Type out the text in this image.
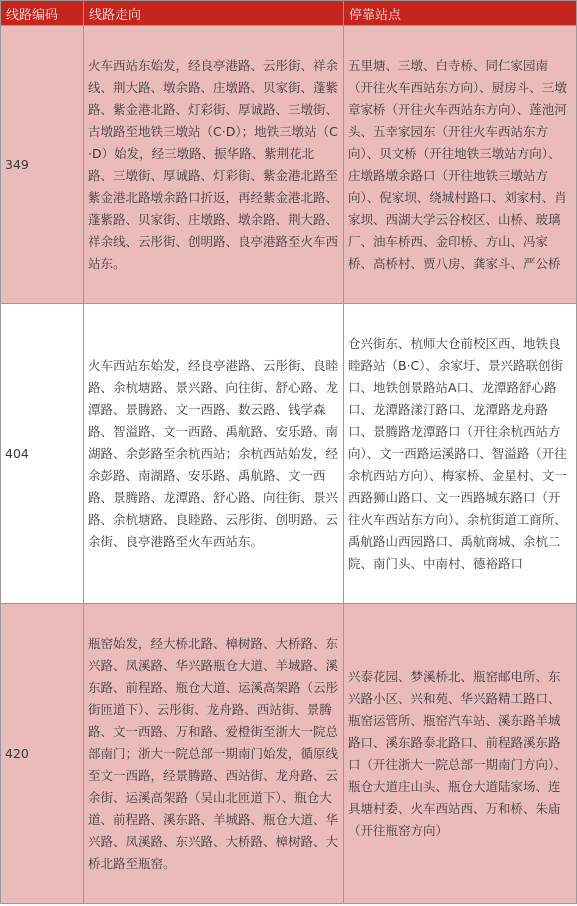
线路编码	线路走向	停靠站点
349	火车西站东始发，经良亭港路、云彤街、祥余线、荆大路、墩余路、庄墩路、贝家街、蓬紫路、紫金港北路、灯彩街、厚诚路、三墩街、古墩路至地铁三墩站（C·D）；地铁三墩站（C·D）始发，经三墩路、振华路、紫荆花北路、三墩街、厚诚路、灯彩街、紫金港北路至紫金港北路墩余路口折返，再经紫金港北路、蓬紫路、贝家街、庄墩路、墩余路、荆大路、祥余线、云彤街、创明路、良亭港路至火车西站东。	五里塘、三墩、白寺桥、同仁家园南（开往火车西站东方向）、厨房斗、三墩章家桥（开往火车西站东方向）、莲池河头、五幸家园东（开往火车西站东方向）、贝文桥（开往地铁三墩站方向）、庄墩路墩余路口（开往地铁三墩站方向）、倪家坝、绕城村路口、刘家村、肖家坝、西湖大学云谷校区、山桥、玻璃厂、油车桥西、金印桥、方山、冯家桥、高桥村、贾八房、龚家斗、严公桥
404	火车西站东始发，经良亭港路、云彤街、良睦路、余杭塘路、景兴路、向往街、舒心路、龙潭路、景腾路、文一西路、数云路、钱学森路、智溢路、文一西路、禹航路、安乐路、南湖路、余彭路至余杭西站；余杭西站始发，经余彭路、南湖路、安乐路、禹航路、文一西路、景腾路、龙潭路、舒心路、向往街、景兴路、余杭塘路、良睦路、云彤街、创明路、云余街、良亭港路至火车西站东。	仓兴街东、杭师大仓前校区西、地铁良睦路站（B·C）、余家圩、景兴路联创街口、地铁创景路站A口、龙潭路舒心路口、龙潭路漾汀路口、龙潭路龙舟路口、景腾路龙潭路口（开往余杭西站方向）、文一西路运溪路口、智溢路（开往余杭西站方向）、梅家桥、金星村、文一西路狮山路口、文一西路城东路口（开往火车西站东方向）、余杭街道工商所、禹航路山西园路口、禹航商城、余杭二院、南门头、中南村、德裕路口
420	瓶窑始发，经大桥北路、樟树路、大桥路、东兴路、凤溪路、华兴路瓶仓大道、羊城路、溪东路、前程路、瓶仓大道、运溪高架路（云彤街匝道下）、云彤街、龙舟路、西站街、景腾路、文一西路、万和路、爱橙街至浙大一院总部南门；浙大一院总部一期南门始发，循原线至文一西路，经景腾路、西站街、龙舟路、云余街、运溪高架路（吴山北匝道下）、瓶仓大道、前程路、溪东路、羊城路、瓶仓大道、华兴路、凤溪路、东兴路、大桥路、樟树路、大桥北路至瓶窑。	兴泰花园、梦溪桥北、瓶窑邮电所、东兴路小区、兴和苑、华兴路精工路口、瓶窑运管所、瓶窑汽车站、溪东路羊城路口、溪东路泰北路口、前程路溪东路口（开往浙大一院总部一期南门方向）、瓶仓大道庄山头、瓶仓大道陆家场、连具塘村委、火车西站西、万和桥、朱庙（开往瓶窑方向）
